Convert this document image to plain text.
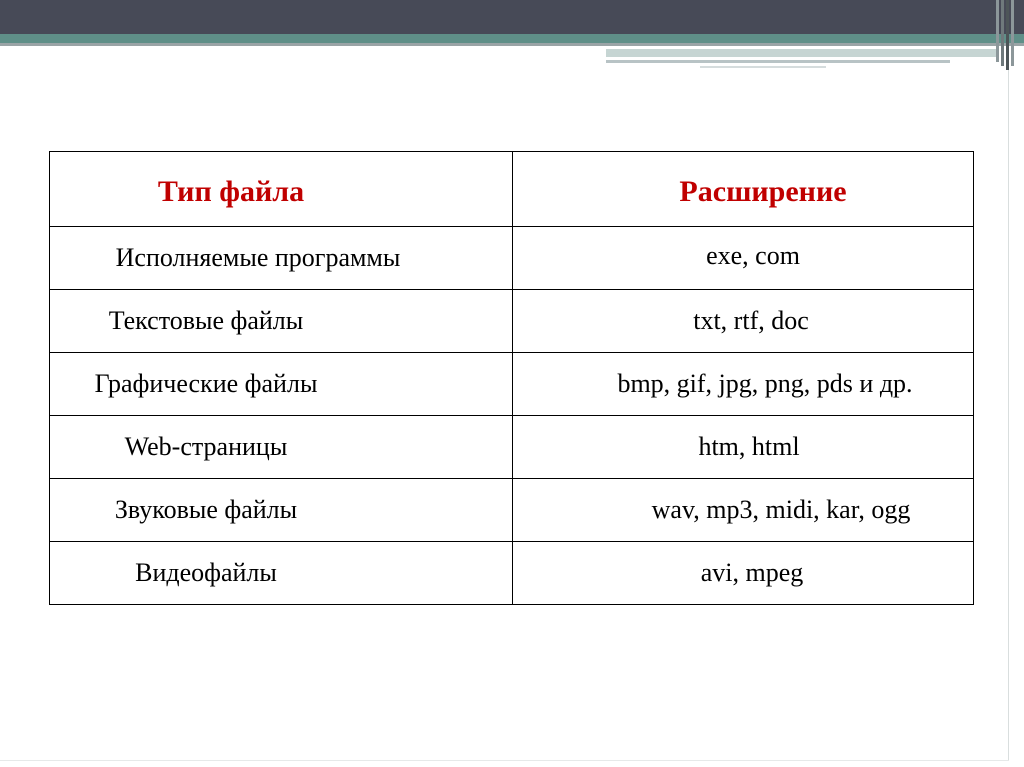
Тип файла	Расширение
Исполняемые программы	exe, com
Текстовые файлы	txt, rtf, doc
Графические файлы	bmp, gif, jpg, png, pds и др.
Web-страницы	htm, html
Звуковые файлы	wav, mp3, midi, kar, ogg
Видеофайлы	avi, mpeg
